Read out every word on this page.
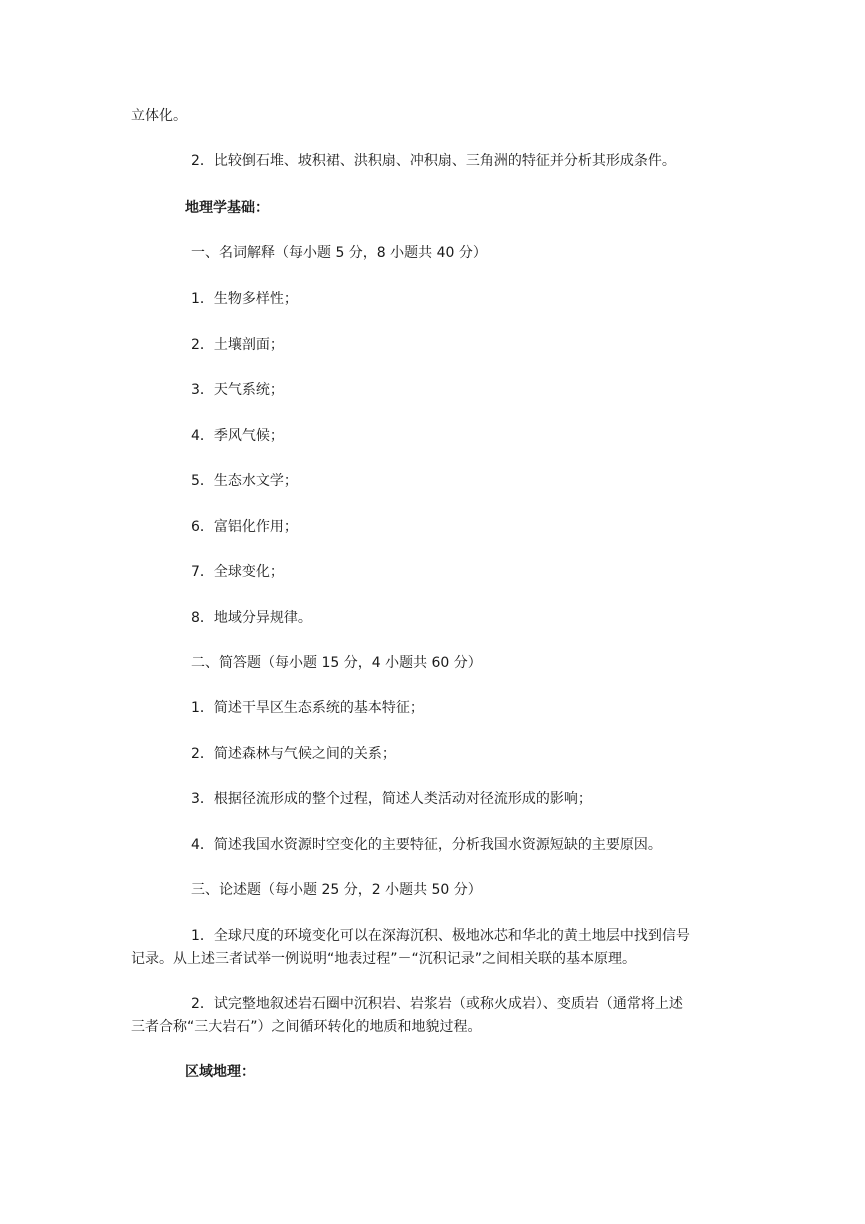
立体化。
2．比较倒石堆、坡积裙、洪积扇、冲积扇、三角洲的特征并分析其形成条件。
地理学基础：
一、名词解释（每小题 5 分，8 小题共 40 分）
1．生物多样性；
2．土壤剖面；
3．天气系统；
4．季风气候；
5．生态水文学；
6．富铝化作用；
7．全球变化；
8．地域分异规律。
二、简答题（每小题 15 分，4 小题共 60 分）
1．简述干旱区生态系统的基本特征；
2．简述森林与气候之间的关系；
3．根据径流形成的整个过程，简述人类活动对径流形成的影响；
4．简述我国水资源时空变化的主要特征，分析我国水资源短缺的主要原因。
三、论述题（每小题 25 分，2 小题共 50 分）
1．全球尺度的环境变化可以在深海沉积、极地冰芯和华北的黄土地层中找到信号
记录。从上述三者试举一例说明“地表过程”－“沉积记录”之间相关联的基本原理。
2．试完整地叙述岩石圈中沉积岩、岩浆岩（或称火成岩）、变质岩（通常将上述
三者合称“三大岩石”）之间循环转化的地质和地貌过程。
区域地理：
